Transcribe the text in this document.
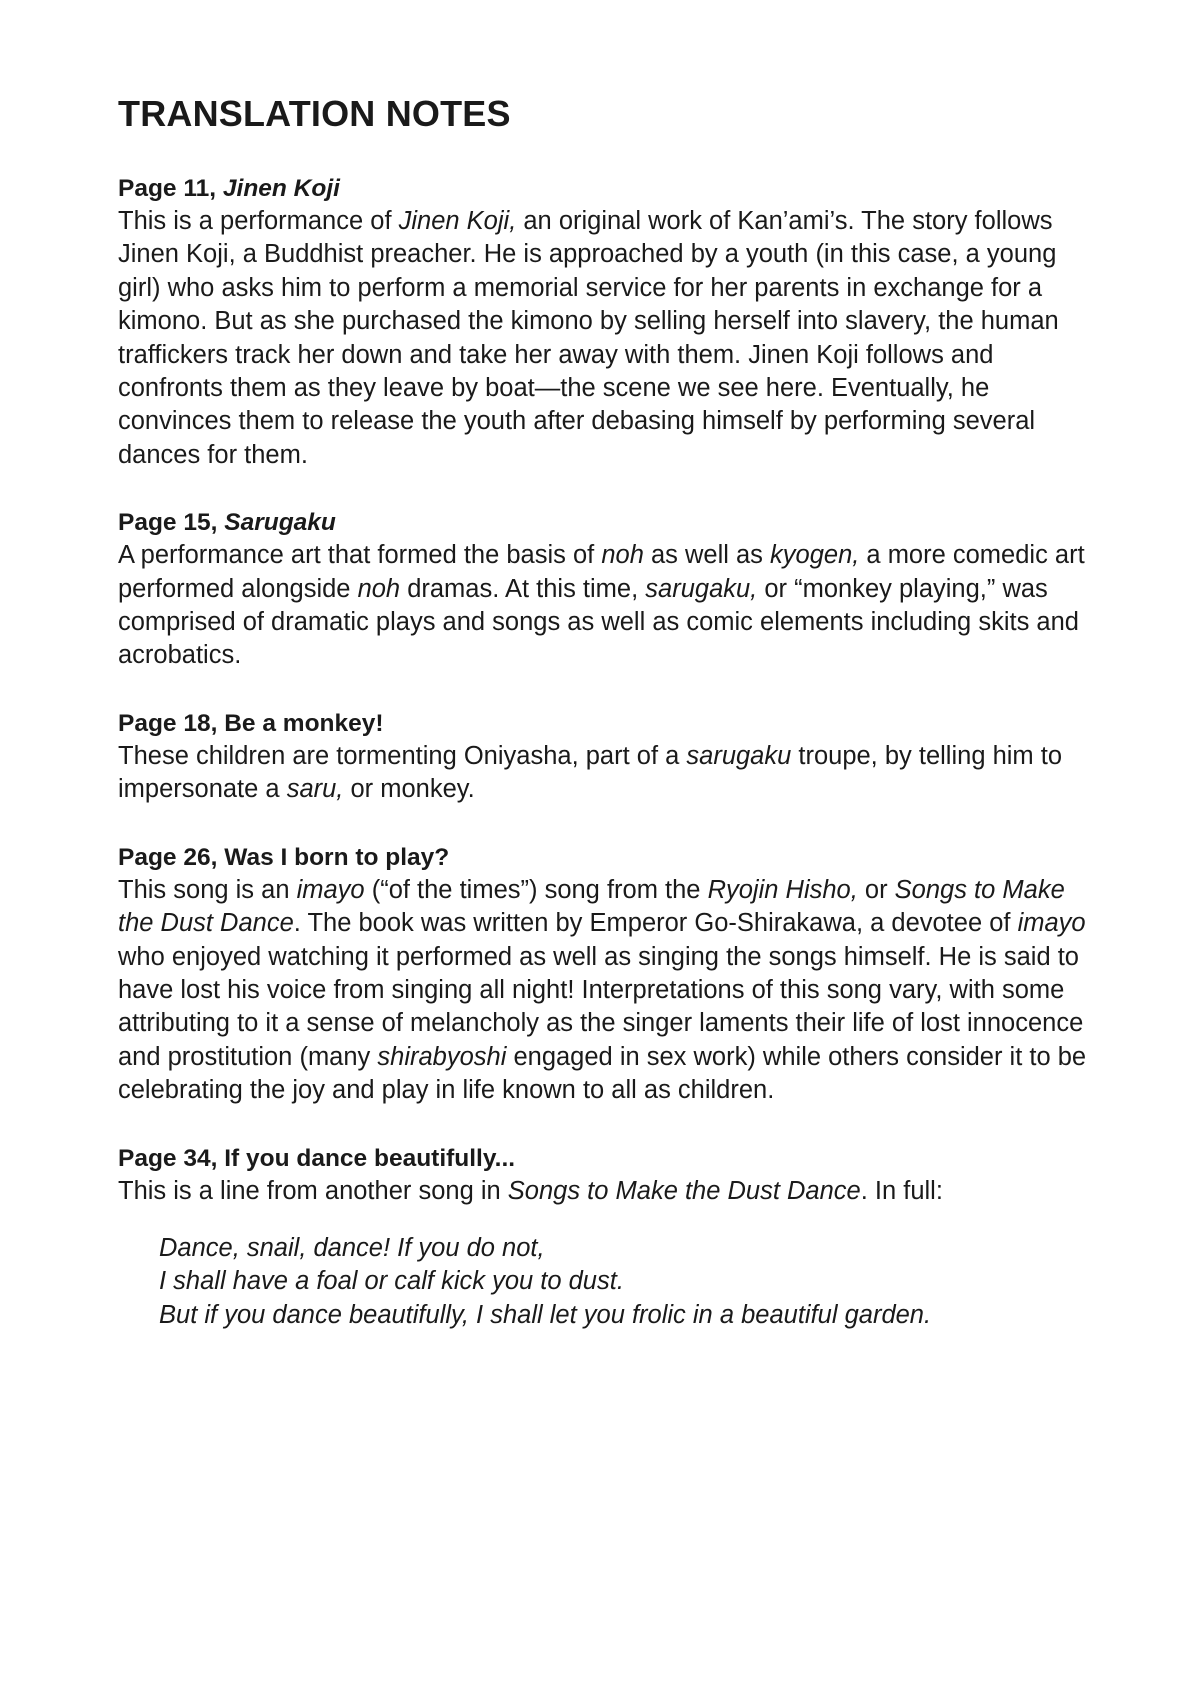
TRANSLATION NOTES

Page 11, Jinen Koji

This is a performance of Jinen Koji, an original work of Kan’ami’s. The story follows Jinen Koji, a Buddhist preacher. He is approached by a youth (in this case, a young girl) who asks him to perform a memorial service for her parents in exchange for a kimono. But as she purchased the kimono by selling herself into slavery, the human traffickers track her down and take her away with them. Jinen Koji follows and confronts them as they leave by boat—the scene we see here. Eventually, he convinces them to release the youth after debasing himself by performing several dances for them.

Page 15, Sarugaku

A performance art that formed the basis of noh as well as kyogen, a more comedic art performed alongside noh dramas. At this time, sarugaku, or “monkey playing,” was comprised of dramatic plays and songs as well as comic elements including skits and acrobatics.

Page 18, Be a monkey!

These children are tormenting Oniyasha, part of a sarugaku troupe, by telling him to impersonate a saru, or monkey.

Page 26, Was I born to play?

This song is an imayo (“of the times”) song from the Ryojin Hisho, or Songs to Make the Dust Dance. The book was written by Emperor Go-Shirakawa, a devotee of imayo who enjoyed watching it performed as well as singing the songs himself. He is said to have lost his voice from singing all night! Interpretations of this song vary, with some attributing to it a sense of melancholy as the singer laments their life of lost innocence and prostitution (many shirabyoshi engaged in sex work) while others consider it to be celebrating the joy and play in life known to all as children.

Page 34, If you dance beautifully...

This is a line from another song in Songs to Make the Dust Dance. In full:

Dance, snail, dance! If you do not,
I shall have a foal or calf kick you to dust.
But if you dance beautifully, I shall let you frolic in a beautiful garden.
